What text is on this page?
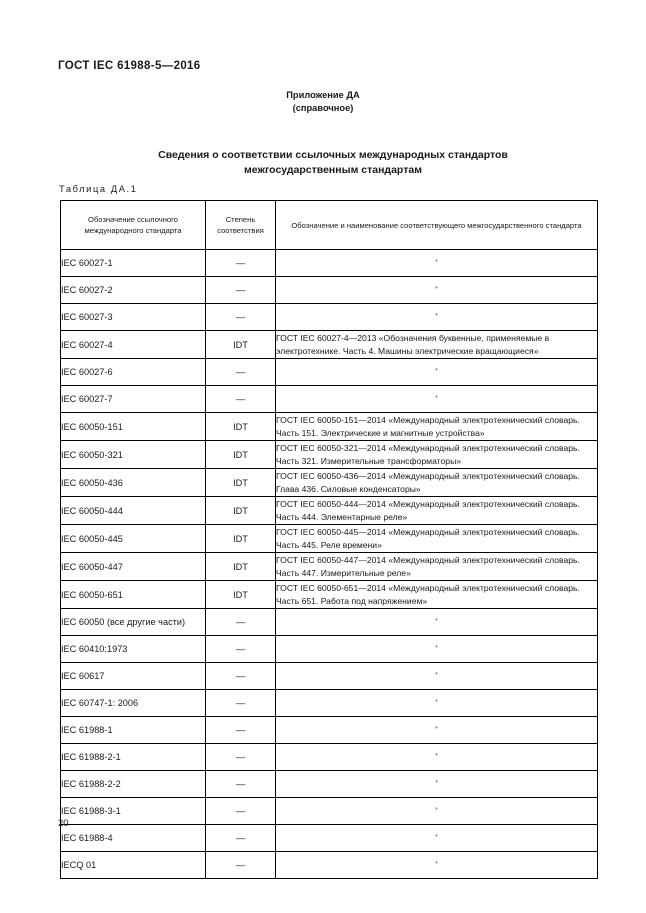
ГОСТ IEC 61988-5—2016
Приложение ДА
(справочное)
Сведения о соответствии ссылочных международных стандартов
межгосударственным стандартам
Таблица ДА.1
Обозначение ссылочного международного стандарта	Степень соответствия	Обозначение и наименование соответствующего межгосударственного стандарта
IEC 60027-1	—	*
IEC 60027-2	—	*
IEC 60027-3	—	*
IEC 60027-4	IDT	ГОСТ IEC 60027-4—2013 «Обозначения буквенные, применяемые в электротехнике. Часть 4. Машины электрические вращающиеся»
IEC 60027-6	—	*
IEC 60027-7	—	*
IEC 60050-151	IDT	ГОСТ IEC 60050-151—2014 «Международный электротехнический словарь. Часть 151. Электрические и магнитные устройства»
IEC 60050-321	IDT	ГОСТ IEC 60050-321—2014 «Международный электротехнический словарь. Часть 321. Измерительные трансформаторы»
IEC 60050-436	IDT	ГОСТ IEC 60050-436—2014 «Международный электротехнический словарь. Глава 436. Силовые конденсаторы»
IEC 60050-444	IDT	ГОСТ IEC 60050-444—2014 «Международный электротехнический словарь. Часть 444. Элементарные реле»
IEC 60050-445	IDT	ГОСТ IEC 60050-445—2014 «Международный электротехнический словарь. Часть 445. Реле времени»
IEC 60050-447	IDT	ГОСТ IEC 60050-447—2014 «Международный электротехнический словарь. Часть 447. Измерительные реле»
IEC 60050-651	IDT	ГОСТ IEC 60050-651—2014 «Международный электротехнический словарь. Часть 651. Работа под напряжением»
IEC 60050 (все другие части)	—	*
IEC 60410:1973	—	*
IEC 60617	—	*
IEC 60747-1: 2006	—	*
IEC 61988-1	—	*
IEC 61988-2-1	—	*
IEC 61988-2-2	—	*
IEC 61988-3-1	—	*
IEC 61988-4	—	*
IECQ 01	—	*
20
